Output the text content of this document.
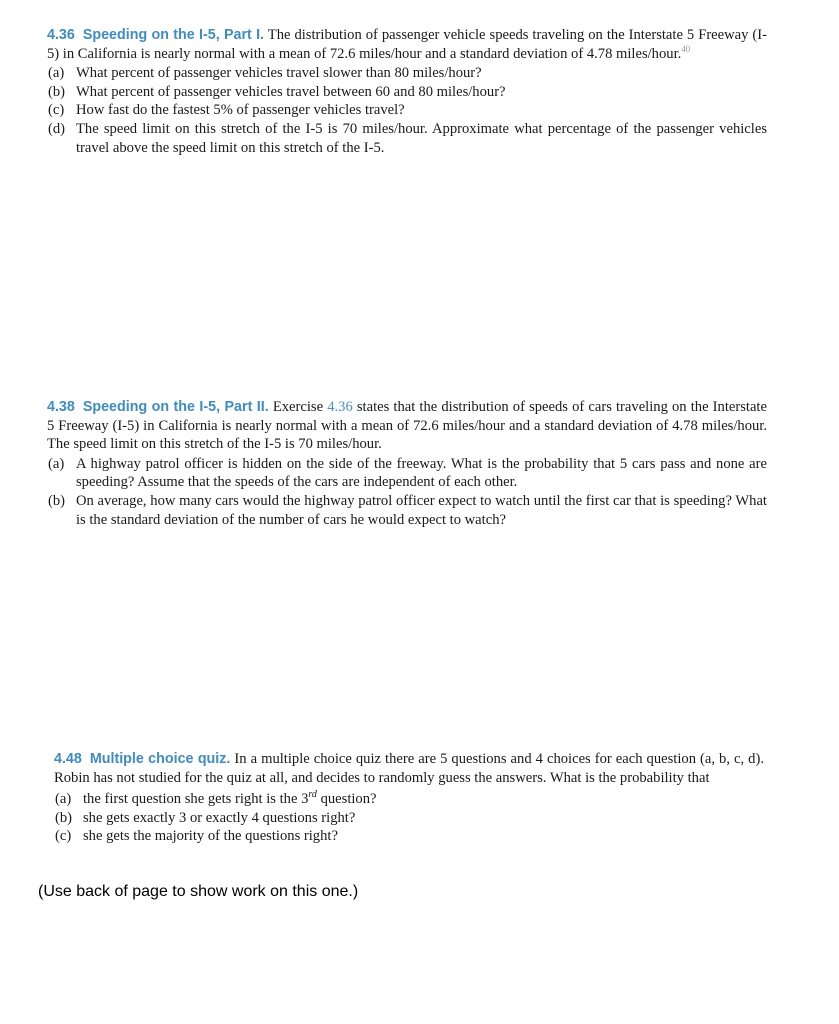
4.36 Speeding on the I-5, Part I. The distribution of passenger vehicle speeds traveling on the Interstate 5 Freeway (I-5) in California is nearly normal with a mean of 72.6 miles/hour and a standard deviation of 4.78 miles/hour.$^{40}$

(a) What percent of passenger vehicles travel slower than 80 miles/hour?
(b) What percent of passenger vehicles travel between 60 and 80 miles/hour?
(c) How fast do the fastest 5% of passenger vehicles travel?
(d) The speed limit on this stretch of the I-5 is 70 miles/hour. Approximate what percentage of the passenger vehicles travel above the speed limit on this stretch of the I-5.

4.38 Speeding on the I-5, Part II. Exercise 4.36 states that the distribution of speeds of cars traveling on the Interstate 5 Freeway (I-5) in California is nearly normal with a mean of 72.6 miles/hour and a standard deviation of 4.78 miles/hour. The speed limit on this stretch of the I-5 is 70 miles/hour.

(a) A highway patrol officer is hidden on the side of the freeway. What is the probability that 5 cars pass and none are speeding? Assume that the speeds of the cars are independent of each other.
(b) On average, how many cars would the highway patrol officer expect to watch until the first car that is speeding? What is the standard deviation of the number of cars he would expect to watch?

4.48 Multiple choice quiz. In a multiple choice quiz there are 5 questions and 4 choices for each question (a, b, c, d). Robin has not studied for the quiz at all, and decides to randomly guess the answers. What is the probability that

(a) the first question she gets right is the 3rd question?
(b) she gets exactly 3 or exactly 4 questions right?
(c) she gets the majority of the questions right?
(Use back of page to show work on this one.)
